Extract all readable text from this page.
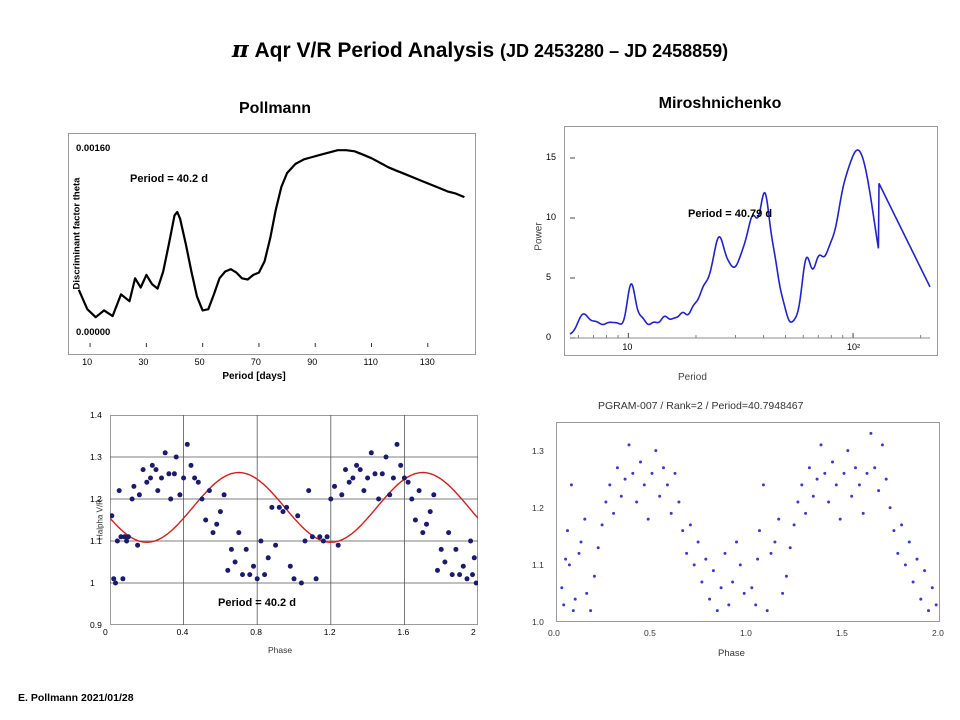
π Aqr V/R Period Analysis (JD 2453280 – JD 2458859)
Pollmann	Miroshnichenko
Discriminant factor theta
0.00160
0.00000
Period = 40.2 d
10	30	50	70	90	110	130
Period [days]
Power
0
5
10
15
10	10²
Period = 40.79 d
Period
Halpha V/R
0.9
1
1.1
1.2
1.3
1.4
0	0.4	0.8	1.2	1.6	2
Period = 40.2 d
Phase
PGRAM-007 / Rank=2 / Period=40.7948467
1.0
1.1
1.2
1.3
0.0	0.5	1.0	1.5	2.0
Phase
E. Pollmann 2021/01/28
